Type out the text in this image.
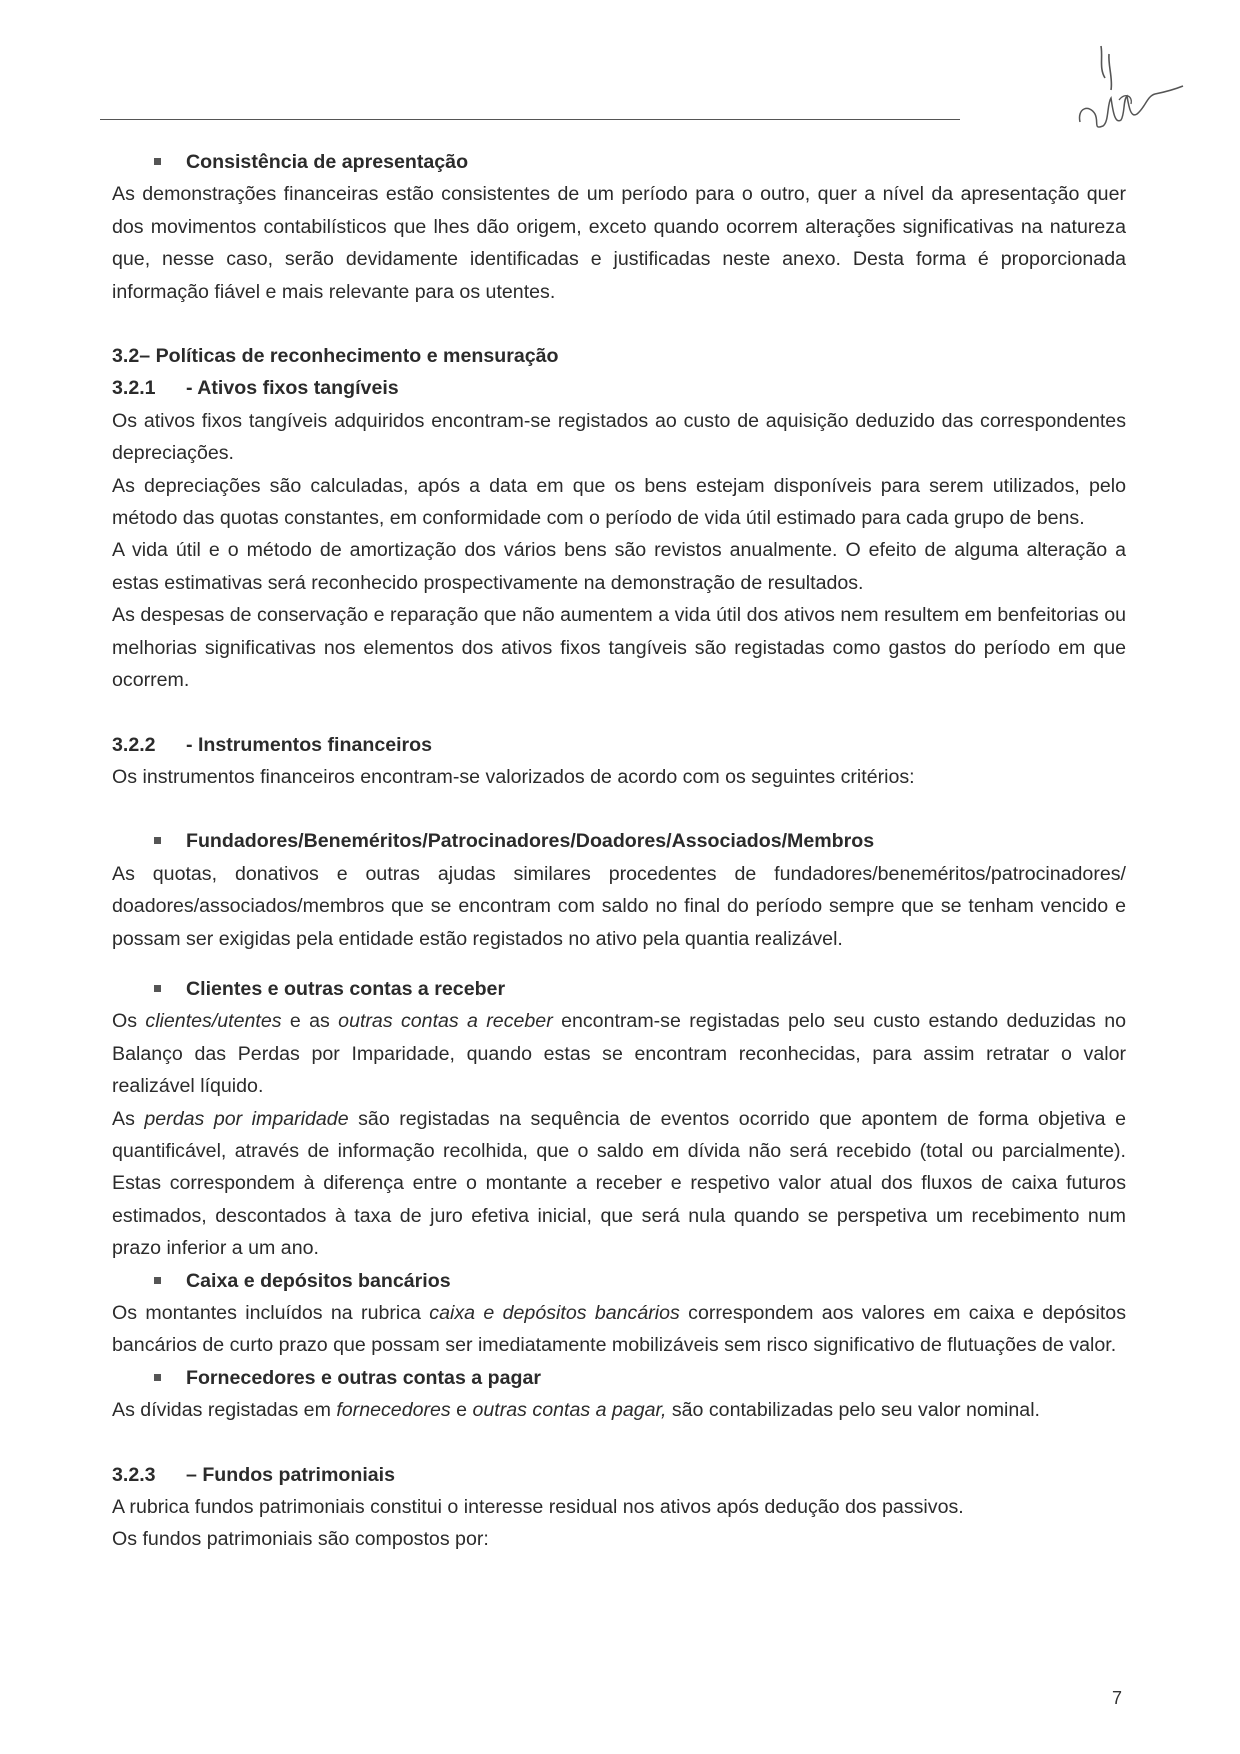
Consistência de apresentação

As demonstrações financeiras estão consistentes de um período para o outro, quer a nível da apresentação quer dos movimentos contabilísticos que lhes dão origem, exceto quando ocorrem alterações significativas na natureza que, nesse caso, serão devidamente identificadas e justificadas neste anexo. Desta forma é proporcionada informação fiável e mais relevante para os utentes.

3.2– Políticas de reconhecimento e mensuração
3.2.1 - Ativos fixos tangíveis

Os ativos fixos tangíveis adquiridos encontram-se registados ao custo de aquisição deduzido das correspondentes depreciações.

As depreciações são calculadas, após a data em que os bens estejam disponíveis para serem utilizados, pelo método das quotas constantes, em conformidade com o período de vida útil estimado para cada grupo de bens.

A vida útil e o método de amortização dos vários bens são revistos anualmente. O efeito de alguma alteração a estas estimativas será reconhecido prospectivamente na demonstração de resultados.

As despesas de conservação e reparação que não aumentem a vida útil dos ativos nem resultem em benfeitorias ou melhorias significativas nos elementos dos ativos fixos tangíveis são registadas como gastos do período em que ocorrem.

3.2.2 - Instrumentos financeiros

Os instrumentos financeiros encontram-se valorizados de acordo com os seguintes critérios:

Fundadores/Beneméritos/Patrocinadores/Doadores/Associados/Membros

As quotas, donativos e outras ajudas similares procedentes de fundadores/beneméritos/patrocinadores/ doadores/associados/membros que se encontram com saldo no final do período sempre que se tenham vencido e possam ser exigidas pela entidade estão registados no ativo pela quantia realizável.

Clientes e outras contas a receber

Os clientes/utentes e as outras contas a receber encontram-se registadas pelo seu custo estando deduzidas no Balanço das Perdas por Imparidade, quando estas se encontram reconhecidas, para assim retratar o valor realizável líquido.

As perdas por imparidade são registadas na sequência de eventos ocorrido que apontem de forma objetiva e quantificável, através de informação recolhida, que o saldo em dívida não será recebido (total ou parcialmente). Estas correspondem à diferença entre o montante a receber e respetivo valor atual dos fluxos de caixa futuros estimados, descontados à taxa de juro efetiva inicial, que será nula quando se perspetiva um recebimento num prazo inferior a um ano.

Caixa e depósitos bancários

Os montantes incluídos na rubrica caixa e depósitos bancários correspondem aos valores em caixa e depósitos bancários de curto prazo que possam ser imediatamente mobilizáveis sem risco significativo de flutuações de valor.

Fornecedores e outras contas a pagar

As dívidas registadas em fornecedores e outras contas a pagar, são contabilizadas pelo seu valor nominal.

3.2.3 – Fundos patrimoniais

A rubrica fundos patrimoniais constitui o interesse residual nos ativos após dedução dos passivos.

Os fundos patrimoniais são compostos por:

7
